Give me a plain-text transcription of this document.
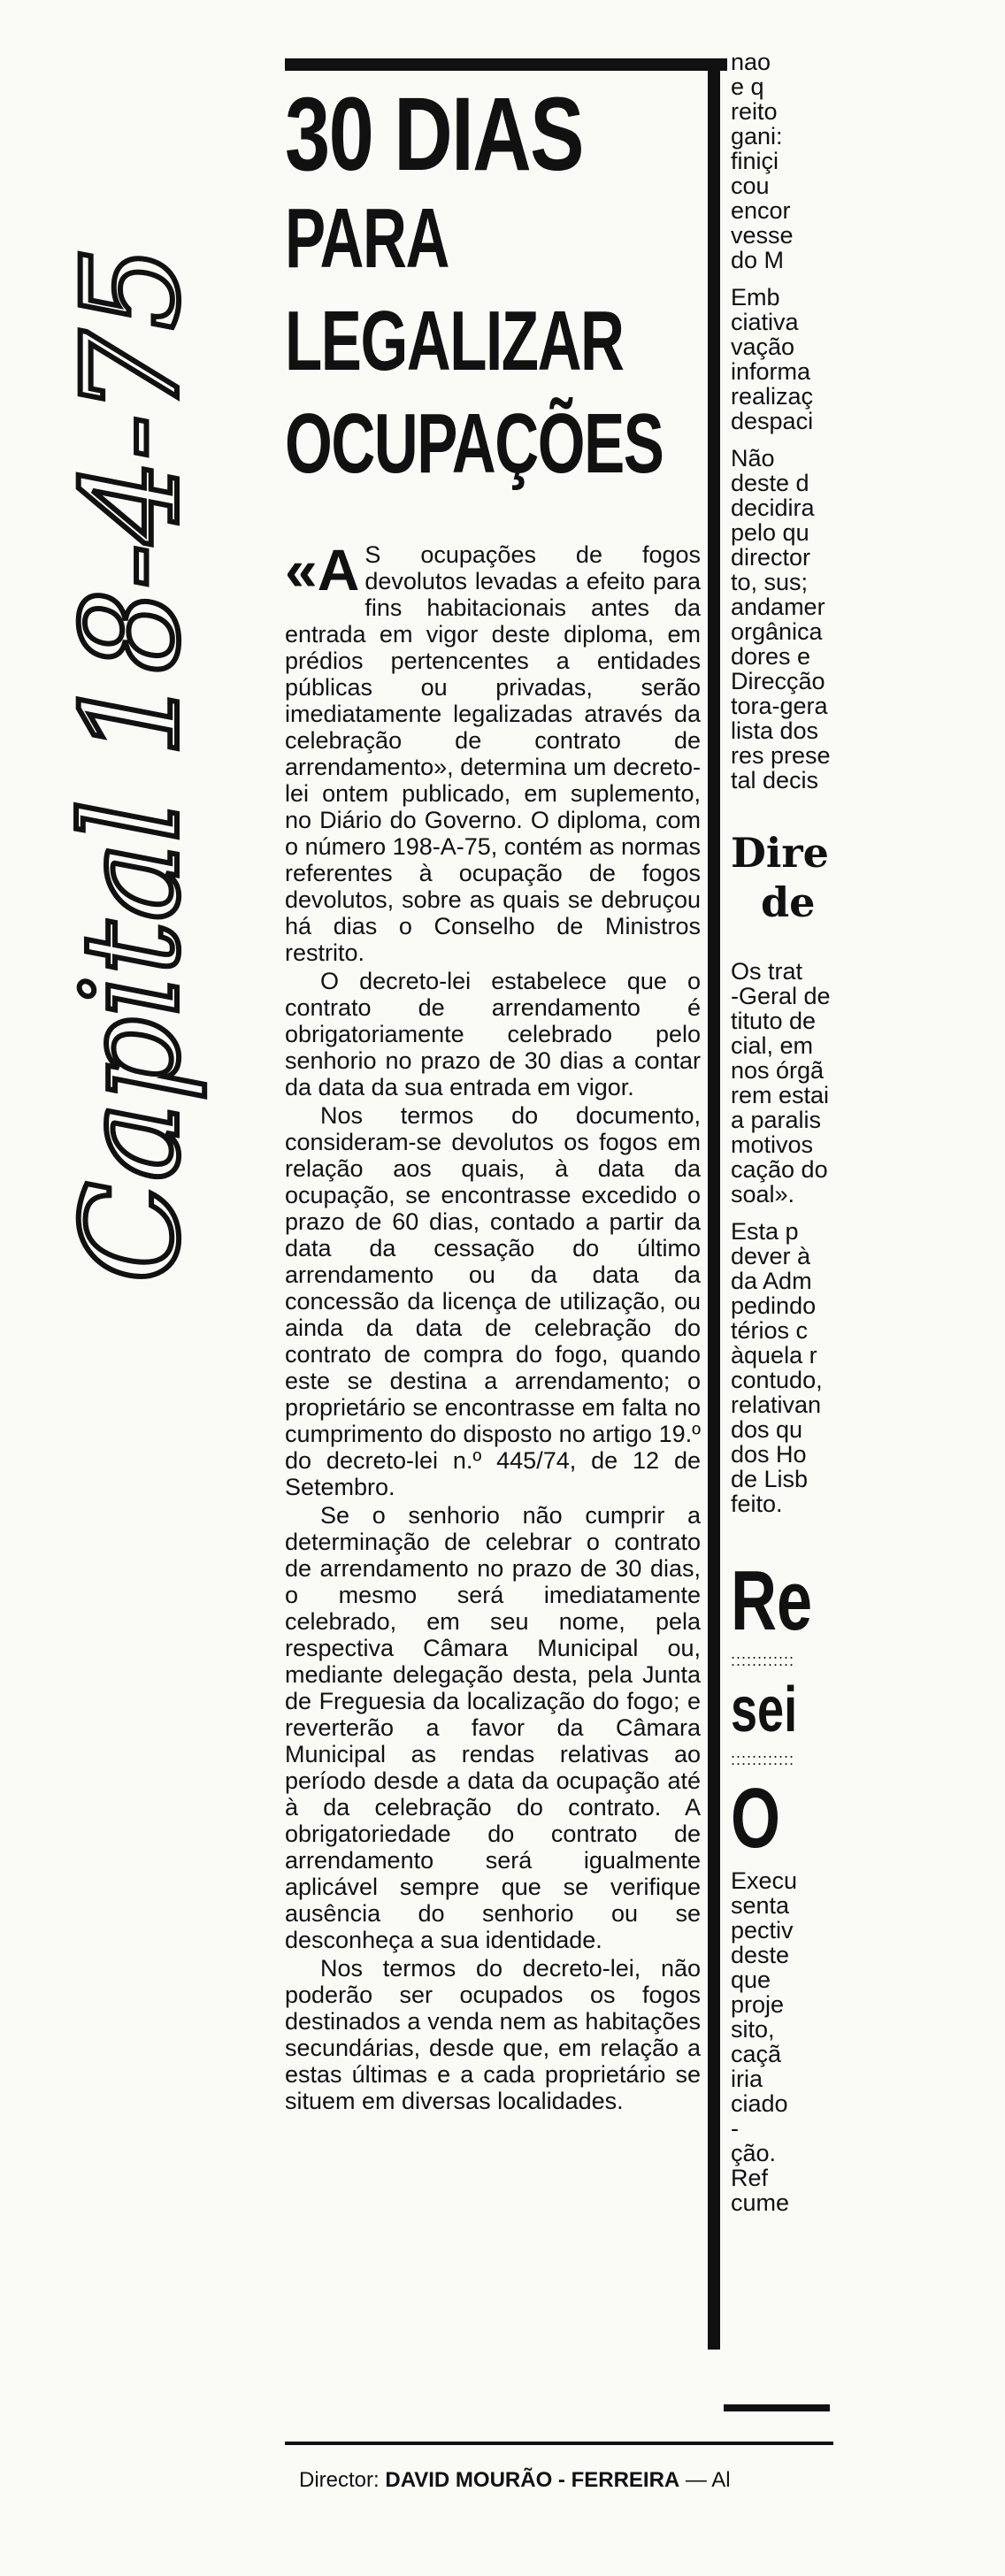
Capital 18-4-75
30 DIAS
PARA
LEGALIZAR
OCUPAÇÕES

«A S ocupações de fogos devolutos levadas a efeito para fins habitacionais antes da entrada em vigor deste diploma, em prédios pertencentes a entidades públicas ou privadas, serão imediatamente legalizadas através da celebração de contrato de arrendamento», determina um decreto-lei ontem publicado, em suplemento, no Diário do Governo. O diploma, com o número 198-A-75, contém as normas referentes à ocupação de fogos devolutos, sobre as quais se debruçou há dias o Conselho de Ministros restrito.

O decreto-lei estabelece que o contrato de arrendamento é obrigatoriamente celebrado pelo senhorio no prazo de 30 dias a contar da data da sua entrada em vigor.

Nos termos do documento, consideram-se devolutos os fogos em relação aos quais, à data da ocupação, se encontrasse excedido o prazo de 60 dias, contado a partir da data da cessação do último arrendamento ou da data da concessão da licença de utilização, ou ainda da data de celebração do contrato de compra do fogo, quando este se destina a arrendamento; o proprietário se encontrasse em falta no cumprimento do disposto no artigo 19.º do decreto-lei n.º 445/74, de 12 de Setembro.

Se o senhorio não cumprir a determinação de celebrar o contrato de arrendamento no prazo de 30 dias, o mesmo será imediatamente celebrado, em seu nome, pela respectiva Câmara Municipal ou, mediante delegação desta, pela Junta de Freguesia da localização do fogo; e reverterão a favor da Câmara Municipal as rendas relativas ao período desde a data da ocupação até à da celebração do contrato. A obrigatoriedade do contrato de arrendamento será igualmente aplicável sempre que se verifique ausência do senhorio ou se desconheça a sua identidade.

Nos termos do decreto-lei, não poderão ser ocupados os fogos destinados a venda nem as habitações secundárias, desde que, em relação a estas últimas e a cada proprietário se situem em diversas localidades.

nao
e q
reito
gani:
finiçi
cou
encor
vesse
do M
Emb
ciativa
vação
informa
realizaç
despaci
Não
deste d
decidira
pelo qu
director
to, sus;
andamer
orgânica
dores e
Direcção
tora-gera
lista dos
res prese
tal decis
Dire
de
Os trat
-Geral de
tituto de
cial, em
nos órgã
rem estai
a paralis
motivos
cação do
soal».
Esta p
dever à
da Adm
pedindo
térios c
àquela r
contudo,
relativan
dos qu
dos Ho
de Lisb
feito.
Re
::::::::::::
sei
::::::::::::
O
Execu
senta
pectiv
deste
que
proje
sito,
caçã
iria
ciado
-
ção.
Ref
cume
Director: DAVID MOURÃO - FERREIRA — Al
